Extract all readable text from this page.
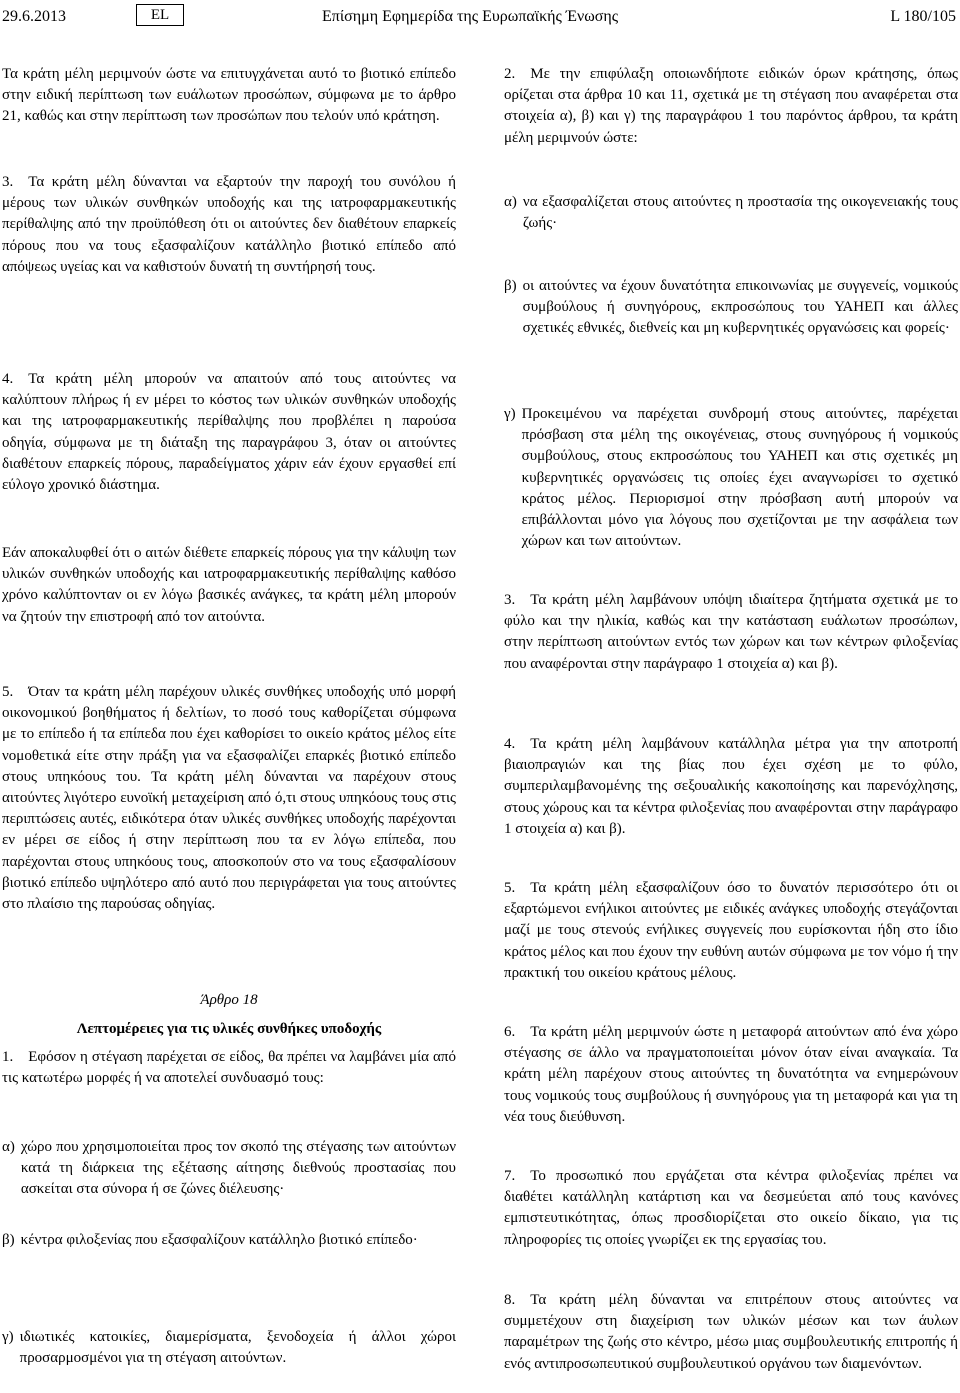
29.6.2013	EL	Επίσημη Εφημερίδα της Ευρωπαϊκής Ένωσης	L 180/105

Τα κράτη μέλη μεριμνούν ώστε να επιτυγχάνεται αυτό το βιοτικό επίπεδο στην ειδική περίπτωση των ευάλωτων προσώπων, σύμφωνα με το άρθρο 21, καθώς και στην περίπτωση των προσώπων που τελούν υπό κράτηση.

3. Τα κράτη μέλη δύνανται να εξαρτούν την παροχή του συνόλου ή μέρους των υλικών συνθηκών υποδοχής και της ιατροφαρμακευτικής περίθαλψης από την προϋπόθεση ότι οι αιτούντες δεν διαθέτουν επαρκείς πόρους που να τους εξασφαλίζουν κατάλληλο βιοτικό επίπεδο από απόψεως υγείας και να καθιστούν δυνατή τη συντήρησή τους.

4. Τα κράτη μέλη μπορούν να απαιτούν από τους αιτούντες να καλύπτουν πλήρως ή εν μέρει το κόστος των υλικών συνθηκών υποδοχής και της ιατροφαρμακευτικής περίθαλψης που προβλέπει η παρούσα οδηγία, σύμφωνα με τη διάταξη της παραγράφου 3, όταν οι αιτούντες διαθέτουν επαρκείς πόρους, παραδείγματος χάριν εάν έχουν εργασθεί επί εύλογο χρονικό διάστημα.

Εάν αποκαλυφθεί ότι ο αιτών διέθετε επαρκείς πόρους για την κάλυψη των υλικών συνθηκών υποδοχής και ιατροφαρμακευτικής περίθαλψης καθόσο χρόνο καλύπτονταν οι εν λόγω βασικές ανάγκες, τα κράτη μέλη μπορούν να ζητούν την επιστροφή από τον αιτούντα.

5. Όταν τα κράτη μέλη παρέχουν υλικές συνθήκες υποδοχής υπό μορφή οικονομικού βοηθήματος ή δελτίων, το ποσό τους καθορίζεται σύμφωνα με το επίπεδο ή τα επίπεδα που έχει καθορίσει το οικείο κράτος μέλος είτε νομοθετικά είτε στην πράξη για να εξασφαλίζει επαρκές βιοτικό επίπεδο στους υπηκόους του. Τα κράτη μέλη δύνανται να παρέχουν στους αιτούντες λιγότερο ευνοϊκή μεταχείριση από ό,τι στους υπηκόους τους στις περιπτώσεις αυτές, ειδικότερα όταν υλικές συνθήκες υποδοχής παρέχονται εν μέρει σε είδος ή στην περίπτωση που τα εν λόγω επίπεδα, που παρέχονται στους υπηκόους τους, αποσκοπούν στο να τους εξασφαλίσουν βιοτικό επίπεδο υψηλότερο από αυτό που περιγράφεται για τους αιτούντες στο πλαίσιο της παρούσας οδηγίας.

Άρθρο 18

Λεπτομέρειες για τις υλικές συνθήκες υποδοχής

1. Εφόσον η στέγαση παρέχεται σε είδος, θα πρέπει να λαμβάνει μία από τις κατωτέρω μορφές ή να αποτελεί συνδυασμό τους:

α) χώρο που χρησιμοποιείται προς τον σκοπό της στέγασης των αιτούντων κατά τη διάρκεια της εξέτασης αίτησης διεθνούς προστασίας που ασκείται στα σύνορα ή σε ζώνες διέλευσης·
β) κέντρα φιλοξενίας που εξασφαλίζουν κατάλληλο βιοτικό επίπεδο·
γ) ιδιωτικές κατοικίες, διαμερίσματα, ξενοδοχεία ή άλλοι χώροι προσαρμοσμένοι για τη στέγαση αιτούντων.

2. Με την επιφύλαξη οποιωνδήποτε ειδικών όρων κράτησης, όπως ορίζεται στα άρθρα 10 και 11, σχετικά με τη στέγαση που αναφέρεται στα στοιχεία α), β) και γ) της παραγράφου 1 του παρόντος άρθρου, τα κράτη μέλη μεριμνούν ώστε:

α) να εξασφαλίζεται στους αιτούντες η προστασία της οικογενειακής τους ζωής·
β) οι αιτούντες να έχουν δυνατότητα επικοινωνίας με συγγενείς, νομικούς συμβούλους ή συνηγόρους, εκπροσώπους του ΥΑΗΕΠ και άλλες σχετικές εθνικές, διεθνείς και μη κυβερνητικές οργανώσεις και φορείς·
γ) Προκειμένου να παρέχεται συνδρομή στους αιτούντες, παρέχεται πρόσβαση στα μέλη της οικογένειας, στους συνηγόρους ή νομικούς συμβούλους, στους εκπροσώπους του ΥΑΗΕΠ και στις σχετικές μη κυβερνητικές οργανώσεις τις οποίες έχει αναγνωρίσει το σχετικό κράτος μέλος. Περιορισμοί στην πρόσβαση αυτή μπορούν να επιβάλλονται μόνο για λόγους που σχετίζονται με την ασφάλεια των χώρων και των αιτούντων.

3. Τα κράτη μέλη λαμβάνουν υπόψη ιδιαίτερα ζητήματα σχετικά με το φύλο και την ηλικία, καθώς και την κατάσταση ευάλωτων προσώπων, στην περίπτωση αιτούντων εντός των χώρων και των κέντρων φιλοξενίας που αναφέρονται στην παράγραφο 1 στοιχεία α) και β).

4. Τα κράτη μέλη λαμβάνουν κατάλληλα μέτρα για την αποτροπή βιαιοπραγιών και της βίας που έχει σχέση με το φύλο, συμπεριλαμβανομένης της σεξουαλικής κακοποίησης και παρενόχλησης, στους χώρους και τα κέντρα φιλοξενίας που αναφέρονται στην παράγραφο 1 στοιχεία α) και β).

5. Τα κράτη μέλη εξασφαλίζουν όσο το δυνατόν περισσότερο ότι οι εξαρτώμενοι ενήλικοι αιτούντες με ειδικές ανάγκες υποδοχής στεγάζονται μαζί με τους στενούς ενήλικες συγγενείς που ευρίσκονται ήδη στο ίδιο κράτος μέλος και που έχουν την ευθύνη αυτών σύμφωνα με τον νόμο ή την πρακτική του οικείου κράτους μέλους.

6. Τα κράτη μέλη μεριμνούν ώστε η μεταφορά αιτούντων από ένα χώρο στέγασης σε άλλο να πραγματοποιείται μόνον όταν είναι αναγκαία. Τα κράτη μέλη παρέχουν στους αιτούντες τη δυνατότητα να ενημερώνουν τους νομικούς τους συμβούλους ή συνηγόρους για τη μεταφορά και για τη νέα τους διεύθυνση.

7. Το προσωπικό που εργάζεται στα κέντρα φιλοξενίας πρέπει να διαθέτει κατάλληλη κατάρτιση και να δεσμεύεται από τους κανόνες εμπιστευτικότητας, όπως προσδιορίζεται στο οικείο δίκαιο, για τις πληροφορίες τις οποίες γνωρίζει εκ της εργασίας του.

8. Τα κράτη μέλη δύνανται να επιτρέπουν στους αιτούντες να συμμετέχουν στη διαχείριση των υλικών μέσων και των άυλων παραμέτρων της ζωής στο κέντρο, μέσω μιας συμβουλευτικής επιτροπής ή ενός αντιπροσωπευτικού συμβουλευτικού οργάνου των διαμενόντων.
